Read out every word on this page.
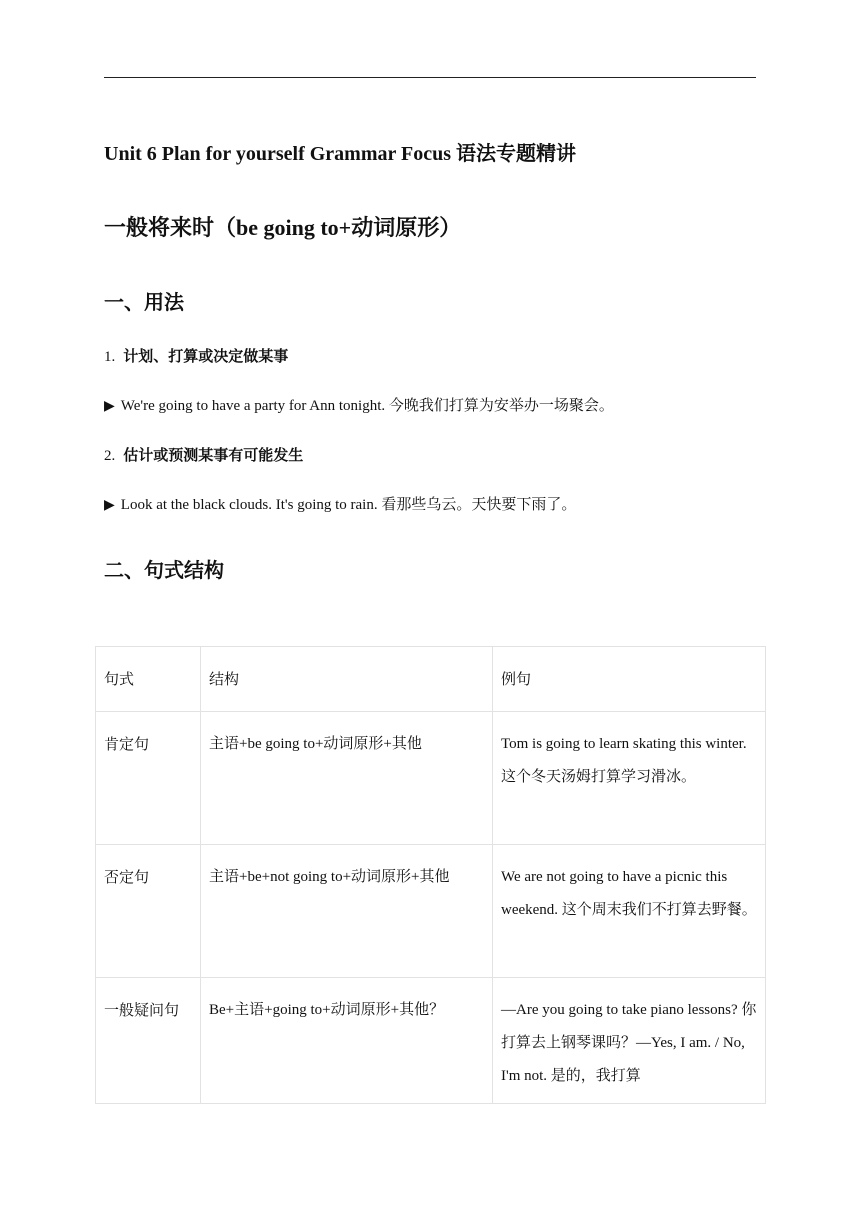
Unit 6 Plan for yourself Grammar Focus 语法专题精讲
一般将来时（be going to+动词原形）
一、用法
1. 计划、打算或决定做某事
▶ We're going to have a party for Ann tonight. 今晚我们打算为安举办一场聚会。
2. 估计或预测某事有可能发生
▶ Look at the black clouds. It's going to rain. 看那些乌云。天快要下雨了。
二、句式结构
句式	结构	例句
肯定句	主语+be going to+动词原形+其他	Tom is going to learn skating this winter. 这个冬天汤姆打算学习滑冰。
否定句	主语+be+not going to+动词原形+其他	We are not going to have a picnic this weekend. 这个周末我们不打算去野餐。
一般疑问句	Be+主语+going to+动词原形+其他？	—Are you going to take piano lessons? 你打算去上钢琴课吗？—Yes, I am. / No, I'm not. 是的，我打算
